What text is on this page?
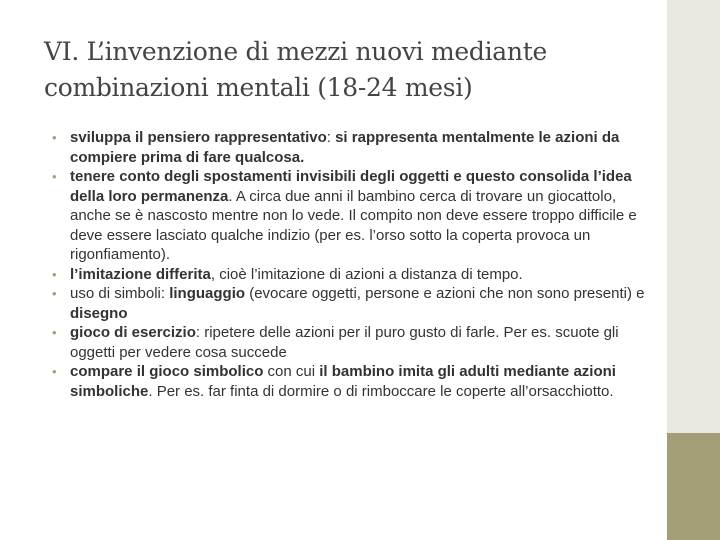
VI. L’invenzione di mezzi nuovi mediante
combinazioni mentali (18-24 mesi)
• sviluppa il pensiero rappresentativo: si rappresenta mentalmente le azioni da compiere prima di fare qualcosa.
• tenere conto degli spostamenti invisibili degli oggetti e questo consolida l’idea della loro permanenza. A circa due anni il bambino cerca di trovare un giocattolo, anche se è nascosto mentre non lo vede. Il compito non deve essere troppo difficile e deve essere lasciato qualche indizio (per es. l’orso sotto la coperta provoca un rigonfiamento).
• l’imitazione differita, cioè l’imitazione di azioni a distanza di tempo.
• uso di simboli: linguaggio (evocare oggetti, persone e azioni che non sono presenti) e disegno
• gioco di esercizio: ripetere delle azioni per il puro gusto di farle. Per es. scuote gli oggetti per vedere cosa succede
• compare il gioco simbolico con cui il bambino imita gli adulti mediante azioni simboliche. Per es. far finta di dormire o di rimboccare le coperte all’orsacchiotto.
